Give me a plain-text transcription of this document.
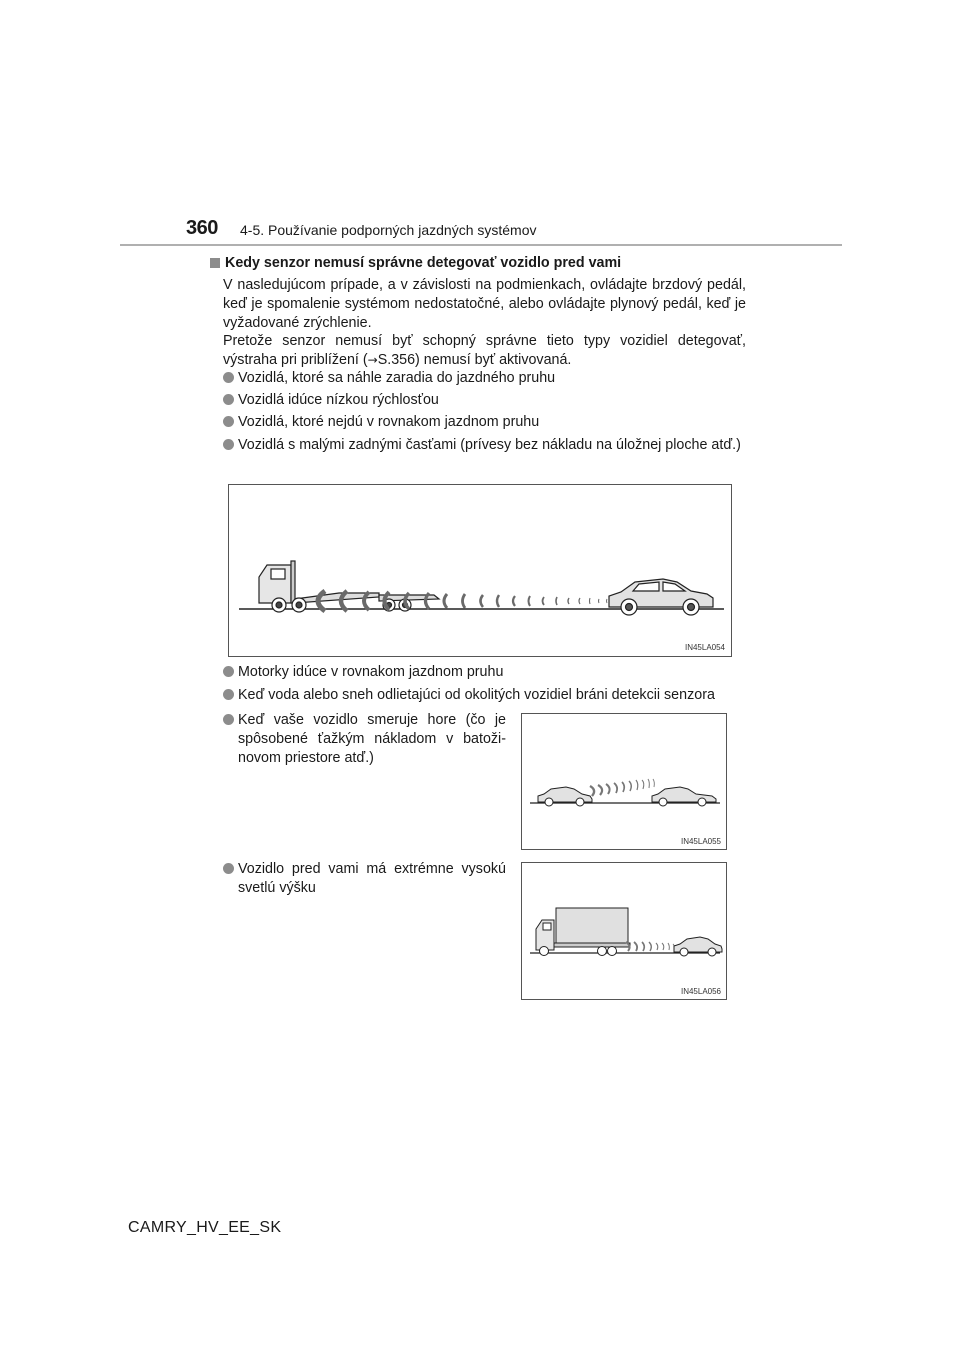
360 4-5. Používanie podporných jazdných systémov
Kedy senzor nemusí správne detegovať vozidlo pred vami

V nasledujúcom prípade, a v závislosti na podmienkach, ovládajte brzdový pedál, keď je spomalenie systémom nedostatočné, alebo ovládajte plynový pedál, keď je vyžadované zrýchlenie.

Pretože senzor nemusí byť schopný správne tieto typy vozidiel detegovať, výstraha pri priblížení (→S.356) nemusí byť aktivovaná.

Vozidlá, ktoré sa náhle zaradia do jazdného pruhu
Vozidlá idúce nízkou rýchlosťou
Vozidlá, ktoré nejdú v rovnakom jazdnom pruhu
Vozidlá s malými zadnými časťami (prívesy bez nákladu na úložnej ploche atď.)
IN45LA054
Motorky idúce v rovnakom jazdnom pruhu
Keď voda alebo sneh odlietajúci od okolitých vozidiel bráni detekcii senzora
Keď vaše vozidlo smeruje hore (čo je spôsobené ťažkým nákladom v batoži-novom priestore atď.)
IN45LA055
Vozidlo pred vami má extrémne vysokú svetlú výšku
IN45LA056
CAMRY_HV_EE_SK
